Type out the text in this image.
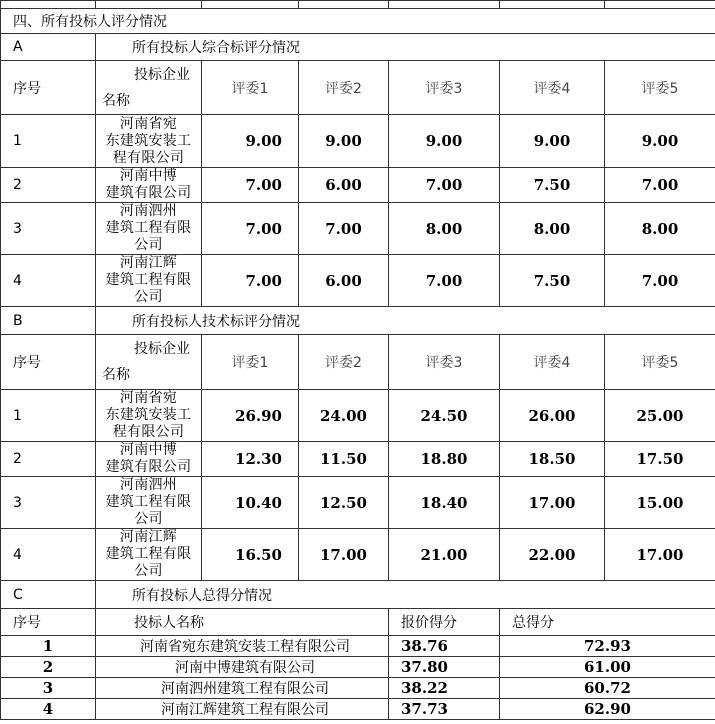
四、所有投标人评分情况						
A	所有投标人综合标评分情况					
序号	投标企业
名称	评委1	评委2	评委3	评委4	评委5
1	河南省宛
东建筑安装工
程有限公司	9.00	9.00	9.00	9.00	9.00
2	河南中博
建筑有限公司	7.00	6.00	7.00	7.50	7.00
3	河南泗州
建筑工程有限
公司	7.00	7.00	8.00	8.00	8.00
4	河南江辉
建筑工程有限
公司	7.00	6.00	7.00	7.50	7.00
B	所有投标人技术标评分情况					
序号	投标企业
名称	评委1	评委2	评委3	评委4	评委5
1	河南省宛
东建筑安装工
程有限公司	26.90	24.00	24.50	26.00	25.00
2	河南中博
建筑有限公司	12.30	11.50	18.80	18.50	17.50
3	河南泗州
建筑工程有限
公司	10.40	12.50	18.40	17.00	15.00
4	河南江辉
建筑工程有限
公司	16.50	17.00	21.00	22.00	17.00
C	所有投标人总得分情况					
序号	投标人名称			报价得分	总得分	
1	河南省宛东建筑安装工程有限公司			38.76	72.93	
2	河南中博建筑有限公司			37.80	61.00	
3	河南泗州建筑工程有限公司			38.22	60.72	
4	河南江辉建筑工程有限公司			37.73	62.90	
